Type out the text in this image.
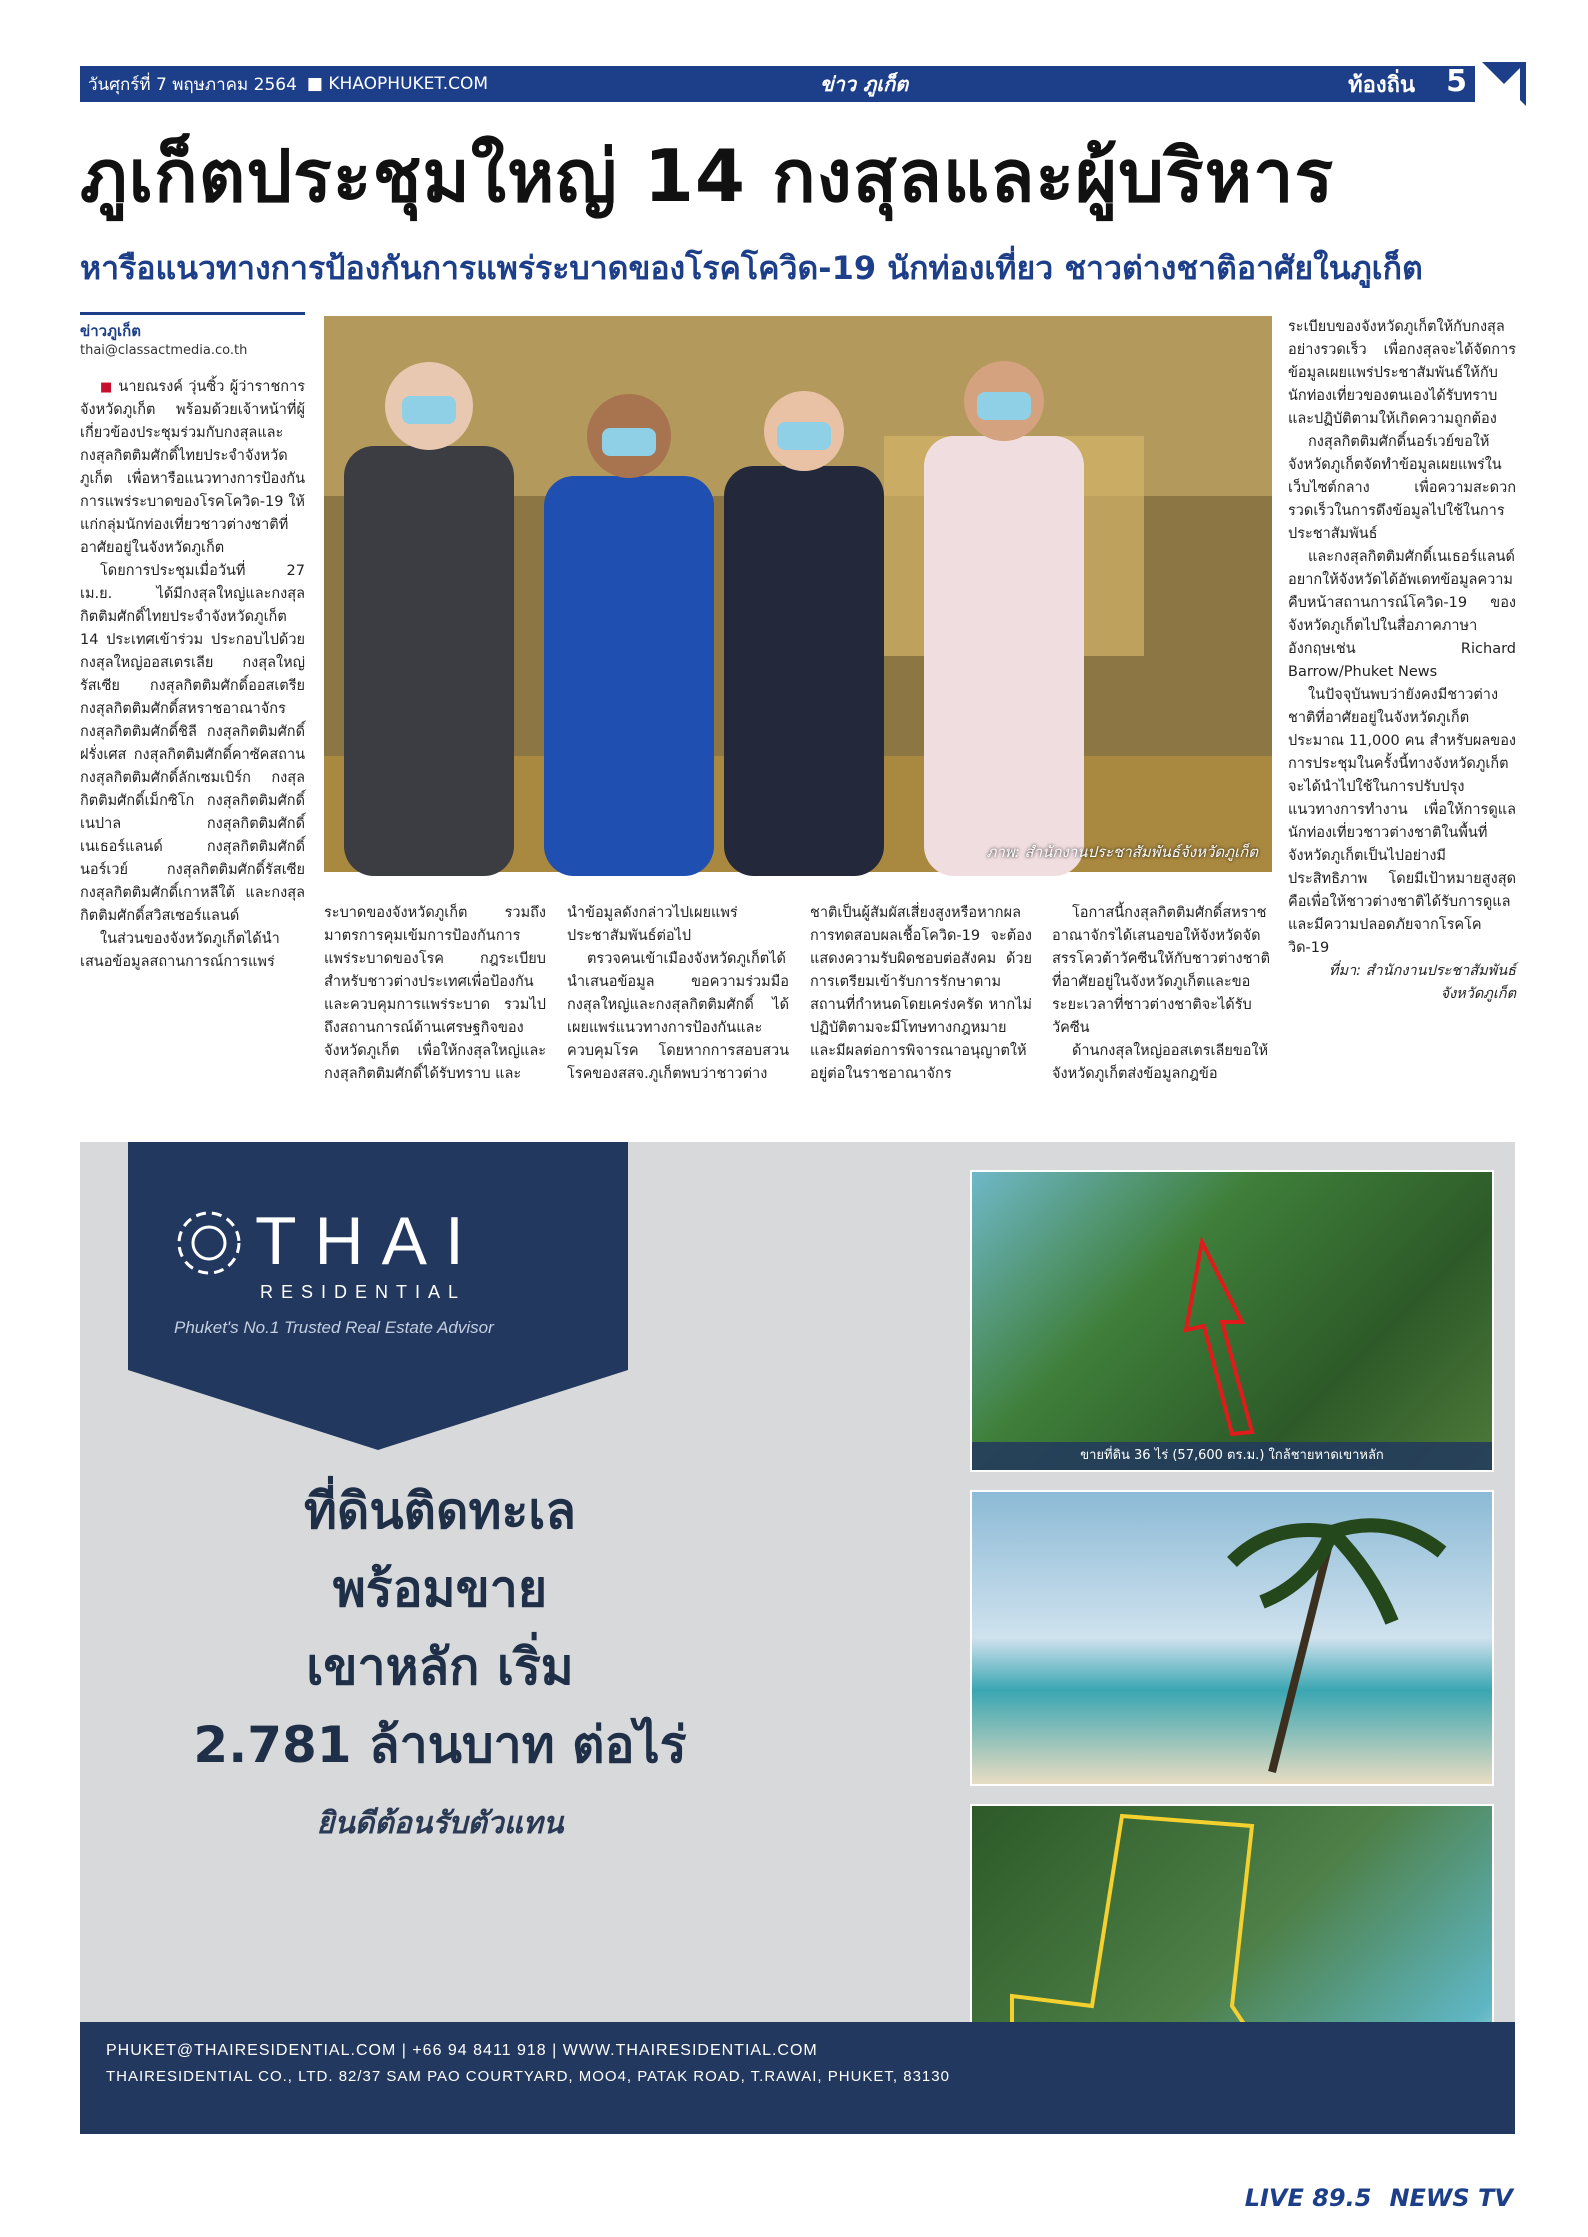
วันศุกร์ที่ 7 พฤษภาคม 2564 ■ KHAOPHUKET.COM	ข่าว ภูเก็ต	ท้องถิ่น 5
ภูเก็ตประชุมใหญ่ 14 กงสุลและผู้บริหาร
หารือแนวทางการป้องกันการแพร่ระบาดของโรคโควิด-19 นักท่องเที่ยว ชาวต่างชาติอาศัยในภูเก็ต
ข่าวภูเก็ต
thai@classactmedia.co.th

■ นายณรงค์ วุ่นซิ้ว ผู้ว่าราชการจังหวัดภูเก็ต พร้อมด้วยเจ้าหน้าที่ผู้เกี่ยวข้องประชุมร่วมกับกงสุลและกงสุลกิตติมศักดิ์ไทยประจำจังหวัดภูเก็ต เพื่อหารือแนวทางการป้องกันการแพร่ระบาดของโรคโควิด-19 ให้แก่กลุ่มนักท่องเที่ยวชาวต่างชาติที่อาศัยอยู่ในจังหวัดภูเก็ต

โดยการประชุมเมื่อวันที่ 27 เม.ย. ได้มีกงสุลใหญ่และกงสุลกิตติมศักดิ์ไทยประจำจังหวัดภูเก็ต 14 ประเทศเข้าร่วม ประกอบไปด้วย กงสุลใหญ่ออสเตรเลีย กงสุลใหญ่รัสเซีย กงสุลกิตติมศักดิ์ออสเตรีย กงสุลกิตติมศักดิ์สหราชอาณาจักร กงสุลกิตติมศักดิ์ชิลี กงสุลกิตติมศักดิ์ฝรั่งเศส กงสุลกิตติมศักดิ์คาซัคสถาน กงสุลกิตติมศักดิ์ลักเซมเบิร์ก กงสุลกิตติมศักดิ์เม็กซิโก กงสุลกิตติมศักดิ์เนปาล กงสุลกิตติมศักดิ์เนเธอร์แลนด์ กงสุลกิตติมศักดิ์นอร์เวย์ กงสุลกิตติมศักดิ์รัสเซีย กงสุลกิตติมศักดิ์เกาหลีใต้ และกงสุลกิตติมศักดิ์สวิสเซอร์แลนด์

ในส่วนของจังหวัดภูเก็ตได้นำเสนอข้อมูลสถานการณ์การแพร่

ภาพ: สำนักงานประชาสัมพันธ์จังหวัดภูเก็ต

ระเบียบของจังหวัดภูเก็ตให้กับกงสุลอย่างรวดเร็ว เพื่อกงสุลจะได้จัดการข้อมูลเผยแพร่ประชาสัมพันธ์ให้กับนักท่องเที่ยวของตนเองได้รับทราบและปฏิบัติตามให้เกิดความถูกต้อง

กงสุลกิตติมศักดิ์นอร์เวย์ขอให้จังหวัดภูเก็ตจัดทำข้อมูลเผยแพร่ในเว็บไซต์กลาง เพื่อความสะดวกรวดเร็วในการดึงข้อมูลไปใช้ในการประชาสัมพันธ์

และกงสุลกิตติมศักดิ์เนเธอร์แลนด์อยากให้จังหวัดได้อัพเดทข้อมูลความคืบหน้าสถานการณ์โควิด-19 ของจังหวัดภูเก็ตไปในสื่อภาคภาษาอังกฤษเช่น Richard Barrow/Phuket News

ในปัจจุบันพบว่ายังคงมีชาวต่างชาติที่อาศัยอยู่ในจังหวัดภูเก็ตประมาณ 11,000 คน สำหรับผลของการประชุมในครั้งนี้ทางจังหวัดภูเก็ตจะได้นำไปใช้ในการปรับปรุงแนวทางการทำงาน เพื่อให้การดูแลนักท่องเที่ยวชาวต่างชาติในพื้นที่จังหวัดภูเก็ตเป็นไปอย่างมีประสิทธิภาพ โดยมีเป้าหมายสูงสุดคือเพื่อให้ชาวต่างชาติได้รับการดูแล และมีความปลอดภัยจากโรคโควิด-19

ที่มา: สำนักงานประชาสัมพันธ์จังหวัดภูเก็ต

ระบาดของจังหวัดภูเก็ต รวมถึงมาตรการคุมเข้มการป้องกันการแพร่ระบาดของโรค กฎระเบียบสำหรับชาวต่างประเทศเพื่อป้องกันและควบคุมการแพร่ระบาด รวมไปถึงสถานการณ์ด้านเศรษฐกิจของจังหวัดภูเก็ต เพื่อให้กงสุลใหญ่และกงสุลกิตติมศักดิ์ได้รับทราบ และ

นำข้อมูลดังกล่าวไปเผยแพร่ประชาสัมพันธ์ต่อไป

ตรวจคนเข้าเมืองจังหวัดภูเก็ตได้นำเสนอข้อมูล ขอความร่วมมือกงสุลใหญ่และกงสุลกิตติมศักดิ์ ได้เผยแพร่แนวทางการป้องกันและควบคุมโรค โดยหากการสอบสวนโรคของสสจ.ภูเก็ตพบว่าชาวต่าง

ชาติเป็นผู้สัมผัสเสี่ยงสูงหรือหากผลการทดสอบผลเชื้อโควิด-19 จะต้องแสดงความรับผิดชอบต่อสังคม ด้วยการเตรียมเข้ารับการรักษาตามสถานที่กำหนดโดยเคร่งครัด หากไม่ปฏิบัติตามจะมีโทษทางกฎหมายและมีผลต่อการพิจารณาอนุญาตให้อยู่ต่อในราชอาณาจักร

โอกาสนี้กงสุลกิตติมศักดิ์สหราชอาณาจักรได้เสนอขอให้จังหวัดจัดสรรโควต้าวัคซีนให้กับชาวต่างชาติที่อาศัยอยู่ในจังหวัดภูเก็ตและขอระยะเวลาที่ชาวต่างชาติจะได้รับวัคซีน

ด้านกงสุลใหญ่ออสเตรเลียขอให้จังหวัดภูเก็ตส่งข้อมูลกฎข้อ

THAI
RESIDENTIAL
Phuket's No.1 Trusted Real Estate Advisor
ที่ดินติดทะเล
พร้อมขาย
เขาหลัก เริ่ม
2.781 ล้านบาท ต่อไร่
ยินดีต้อนรับตัวแทน
ขายที่ดิน 36 ไร่ (57,600 ตร.ม.) ใกล้ชายหาดเขาหลัก
PHUKET@THAIRESIDENTIAL.COM | +66 94 8411 918 | WWW.THAIRESIDENTIAL.COM
THAIRESIDENTIAL CO., LTD. 82/37 SAM PAO COURTYARD, MOO4, PATAK ROAD, T.RAWAI, PHUKET, 83130
LIVE 89.5 NEWS TV
